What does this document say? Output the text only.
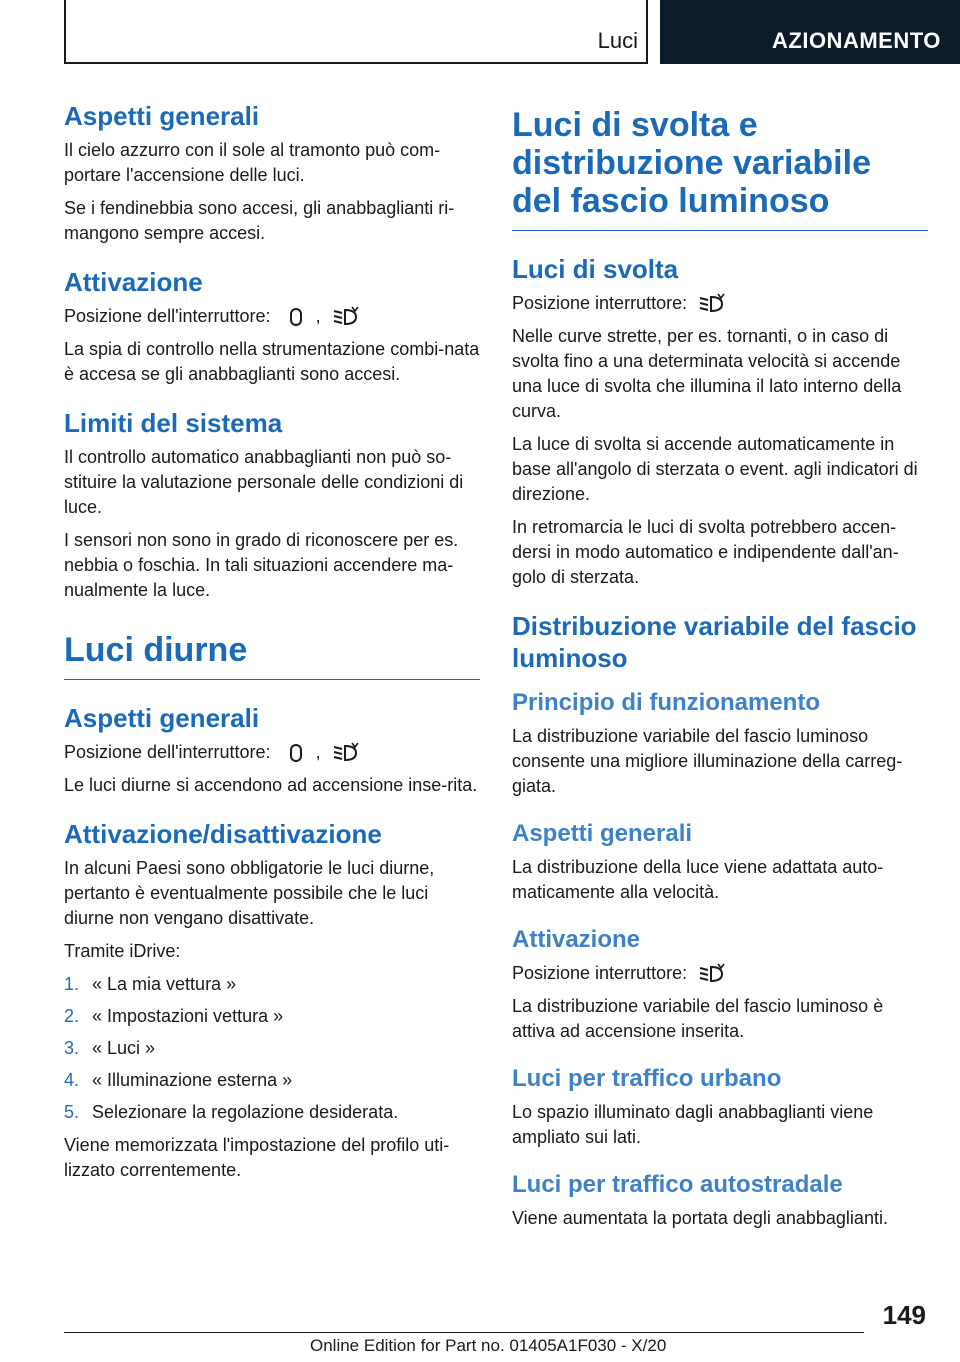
Luci	AZIONAMENTO
Aspetti generali

Il cielo azzurro con il sole al tramonto può com-portare l'accensione delle luci.

Se i fendinebbia sono accesi, gli anabbaglianti ri-mangono sempre accesi.

Attivazione

Posizione dell'interruttore:	,

La spia di controllo nella strumentazione combi-nata è accesa se gli anabbaglianti sono accesi.

Limiti del sistema

Il controllo automatico anabbaglianti non può so-stituire la valutazione personale delle condizioni di luce.

I sensori non sono in grado di riconoscere per es. nebbia o foschia. In tali situazioni accendere ma-nualmente la luce.

Luci diurne
Aspetti generali

Posizione dell'interruttore:	,

Le luci diurne si accendono ad accensione inse-rita.

Attivazione/disattivazione

In alcuni Paesi sono obbligatorie le luci diurne, pertanto è eventualmente possibile che le luci diurne non vengano disattivate.

Tramite iDrive:

1. « La mia vettura »
2. « Impostazioni vettura »
3. « Luci »
4. « Illuminazione esterna »
5. Selezionare la regolazione desiderata.

Viene memorizzata l'impostazione del profilo uti-lizzato correntemente.

Luci di svolta e distribuzione variabile del fascio luminoso
Luci di svolta

Posizione interruttore:

Nelle curve strette, per es. tornanti, o in caso di svolta fino a una determinata velocità si accende una luce di svolta che illumina il lato interno della curva.

La luce di svolta si accende automaticamente in base all'angolo di sterzata o event. agli indicatori di direzione.

In retromarcia le luci di svolta potrebbero accen-dersi in modo automatico e indipendente dall'an-golo di sterzata.

Distribuzione variabile del fascio luminoso
Principio di funzionamento

La distribuzione variabile del fascio luminoso consente una migliore illuminazione della carreg-giata.

Aspetti generali

La distribuzione della luce viene adattata auto-maticamente alla velocità.

Attivazione

Posizione interruttore:

La distribuzione variabile del fascio luminoso è attiva ad accensione inserita.

Luci per traffico urbano

Lo spazio illuminato dagli anabbaglianti viene ampliato sui lati.

Luci per traffico autostradale

Viene aumentata la portata degli anabbaglianti.

149
Online Edition for Part no. 01405A1F030 - X/20
